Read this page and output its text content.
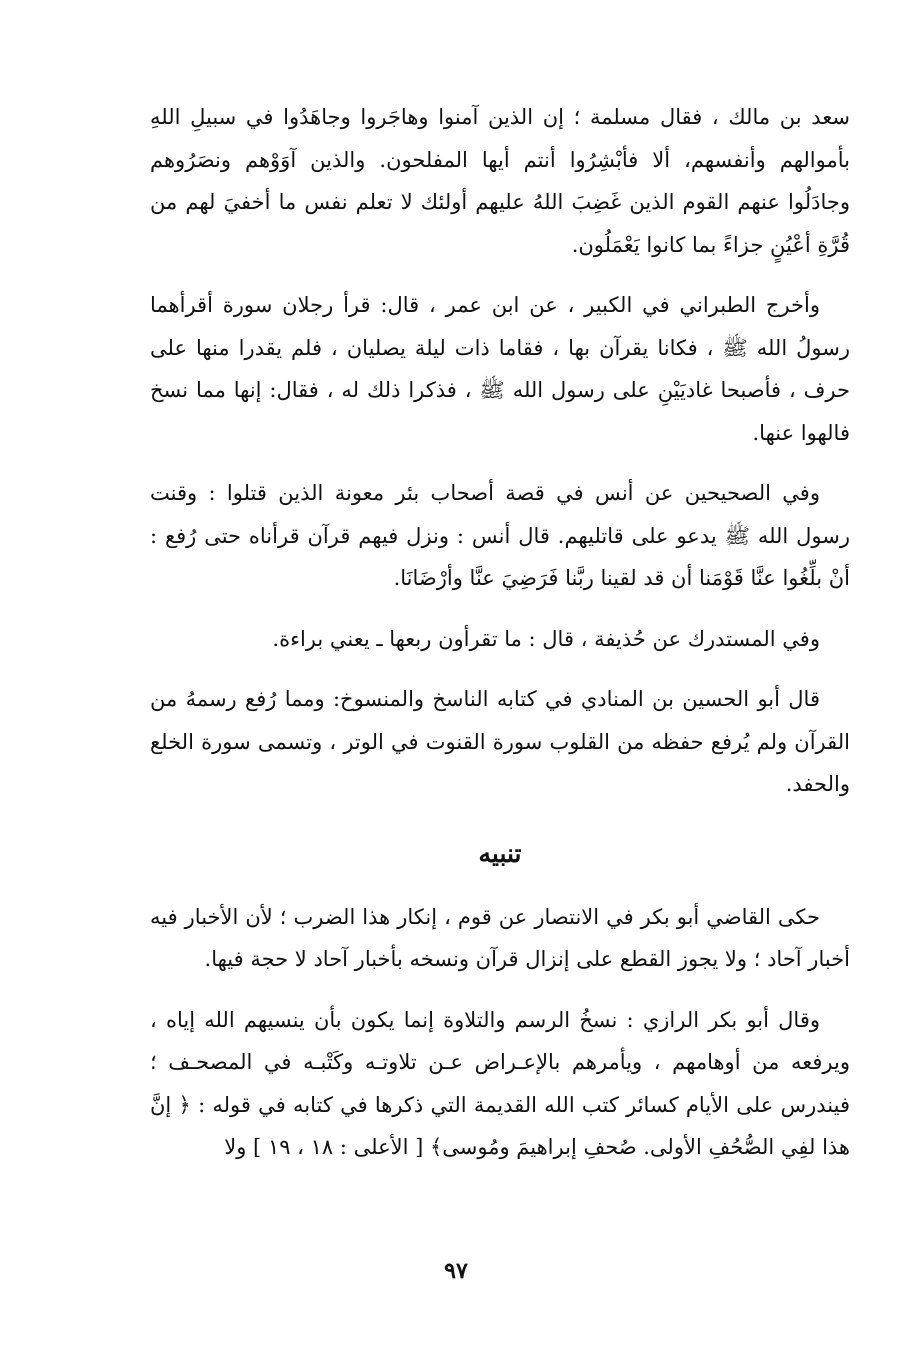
سعد بن مالك ، فقال مسلمة ؛ إن الذين آمنوا وهاجَروا وجاهَدُوا في سبيلِ اللهِ بأموالهم وأنفسهم، ألا فأبْشِرُوا أنتم أيها المفلحون. والذين آوَوْهم ونصَرُوهم وجادَلُوا عنهم القوم الذين غَضِبَ اللهُ عليهم أولئك لا تعلم نفس ما أخفيَ لهم من قُرَّةِ أعْيُنٍ جزاءً بما كانوا يَعْمَلُون.

وأخرج الطبراني في الكبير ، عن ابن عمر ، قال: قرأ رجلان سورة أقرأهما رسولُ الله ﷺ ، فكانا يقرآن بها ، فقاما ذات ليلة يصليان ، فلم يقدرا منها على حرف ، فأصبحا غاديَيْنِ على رسول الله ﷺ ، فذكرا ذلك له ، فقال: إنها مما نسخ فالهوا عنها.

وفي الصحيحين عن أنس في قصة أصحاب بئر معونة الذين قتلوا : وقنت رسول الله ﷺ يدعو على قاتليهم. قال أنس : ونزل فيهم قرآن قرأناه حتى رُفع : أنْ بلِّغُوا عنَّا قَوْمَنا أن قد لقينا ربَّنا فَرَضِيَ عنَّا وأرْضَانَا.

وفي المستدرك عن حُذيفة ، قال : ما تقرأون ربعها ـ يعني براءة.

قال أبو الحسين بن المنادي في كتابه الناسخ والمنسوخ: ومما رُفع رسمهُ من القرآن ولم يُرفع حفظه من القلوب سورة القنوت في الوتر ، وتسمى سورة الخلع والحفد.

تنبيه

حكى القاضي أبو بكر في الانتصار عن قوم ، إنكار هذا الضرب ؛ لأن الأخبار فيه أخبار آحاد ؛ ولا يجوز القطع على إنزال قرآن ونسخه بأخبار آحاد لا حجة فيها.

وقال أبو بكر الرازي : نسخُ الرسم والتلاوة إنما يكون بأن ينسيهم الله إياه ، ويرفعه من أوهامهم ، ويأمرهم بالإعـراض عـن تلاوتـه وكَتْبـه في المصحـف ؛ فيندرس على الأيام كسائر كتب الله القديمة التي ذكرها في كتابه في قوله : ﴿ إنَّ هذا لفِي الصُّحُفِ الأولى. صُحفِ إبراهيمَ ومُوسى﴾ [ الأعلى : ١٨ ، ١٩ ] ولا

٩٧
